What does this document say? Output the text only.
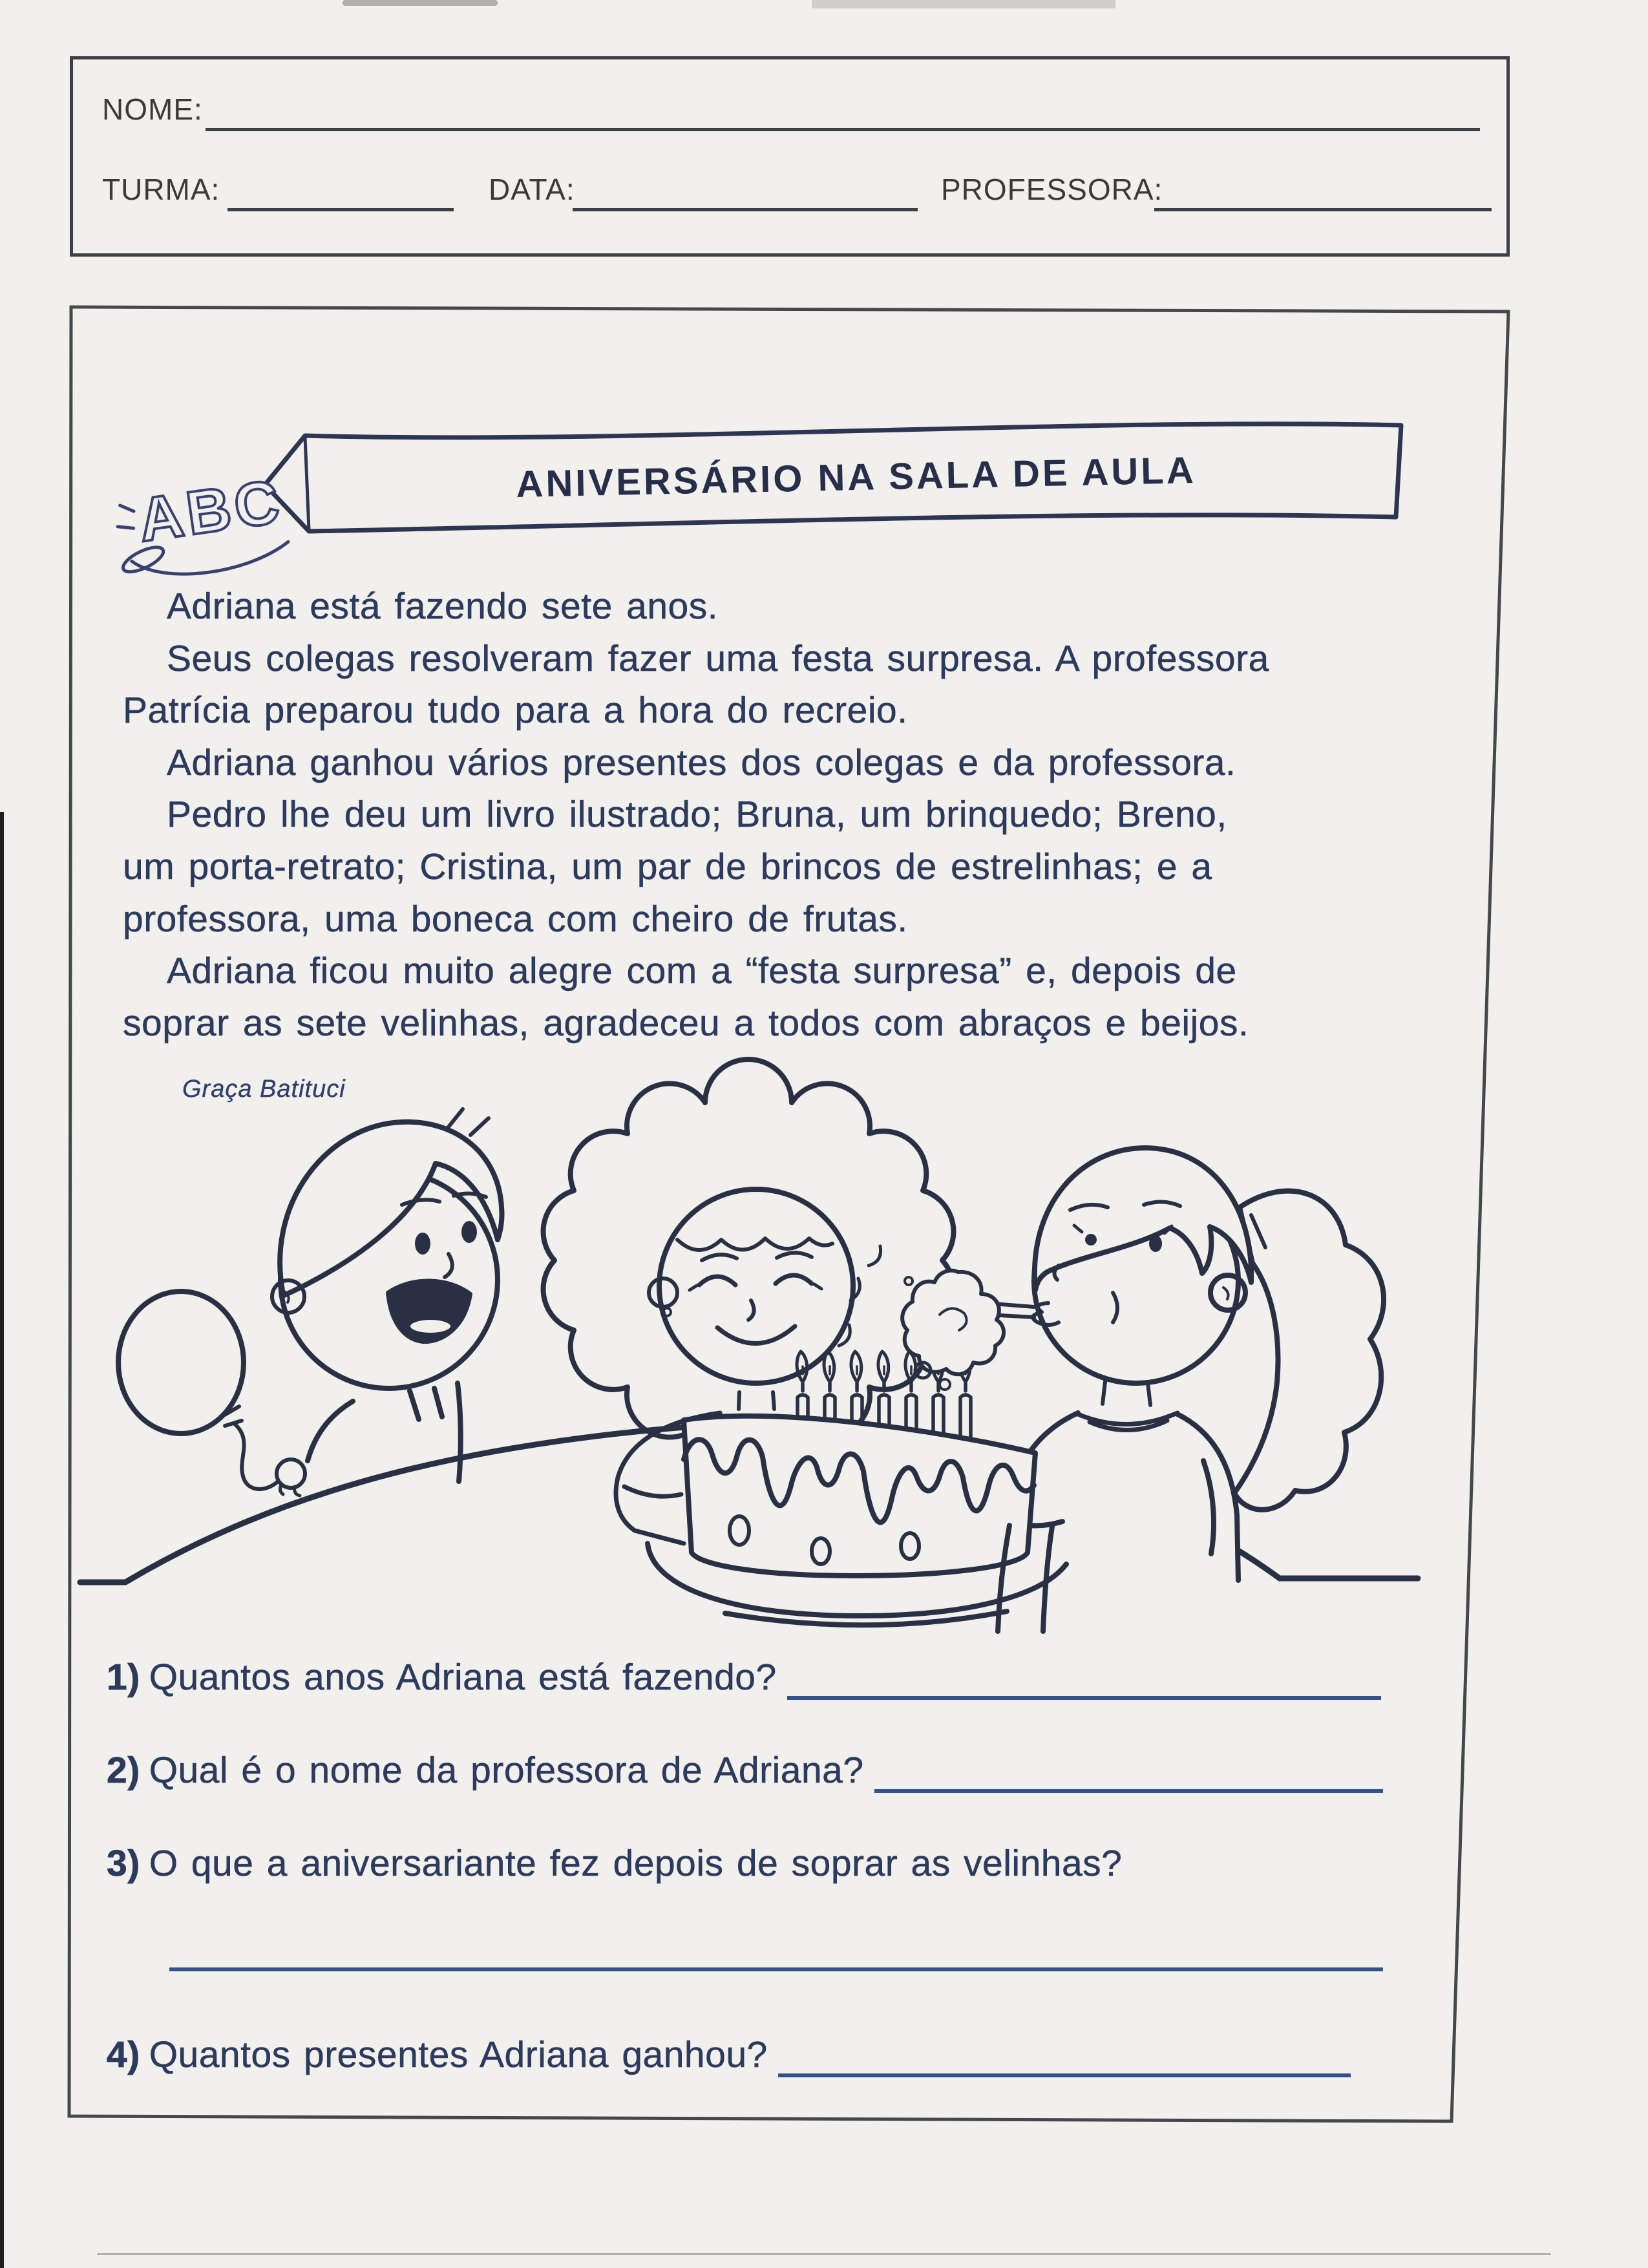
NOME:
TURMA:	DATA:	PROFESSORA:
ANIVERSÁRIO NA SALA DE AULA
ABC
Adriana está fazendo sete anos.
Seus colegas resolveram fazer uma festa surpresa. A professora
Patrícia preparou tudo para a hora do recreio.
Adriana ganhou vários presentes dos colegas e da professora.
Pedro lhe deu um livro ilustrado; Bruna, um brinquedo; Breno,
um porta-retrato; Cristina, um par de brincos de estrelinhas; e a
professora, uma boneca com cheiro de frutas.
Adriana ficou muito alegre com a “festa surpresa” e, depois de
soprar as sete velinhas, agradeceu a todos com abraços e beijos.
Graça Batituci
1) Quantos anos Adriana está fazendo?
2) Qual é o nome da professora de Adriana?
3) O que a aniversariante fez depois de soprar as velinhas?
4) Quantos presentes Adriana ganhou?
